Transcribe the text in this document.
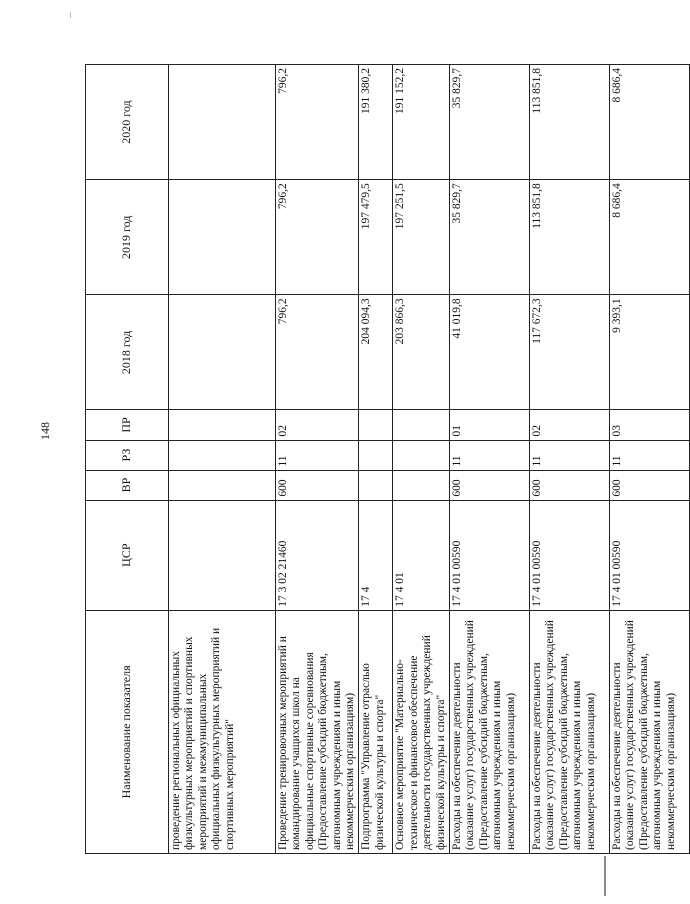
148
Наименование показателя	ЦСР	ВР	РЗ	ПР	2018 год	2019 год	2020 год
проведение региональных официальных физкультурных мероприятий и спортивных мероприятий и межмуниципальных официальных физкультурных мероприятий и спортивных мероприятий"							
Проведение тренировочных мероприятий и командирование учащихся школ на официальные спортивные соревнования (Предоставление субсидий бюджетным, автономным учреждениям и иным некоммерческим организациям)	17 3 02 21460	600	11	02	796,2	796,2	796,2
Подпрограмма "Управление отраслью физической культуры и спорта"	17 4				204 094,3	197 479,5	191 380,2
Основное мероприятие "Материально-техническое и финансовое обеспечение деятельности государственных учреждений физической культуры и спорта"	17 4 01				203 866,3	197 251,5	191 152,2
Расходы на обеспечение деятельности (оказание услуг) государственных учреждений (Предоставление субсидий бюджетным, автономным учреждениям и иным некоммерческим организациям)	17 4 01 00590	600	11	01	41 019,8	35 829,7	35 829,7
Расходы на обеспечение деятельности (оказание услуг) государственных учреждений (Предоставление субсидий бюджетным, автономным учреждениям и иным некоммерческим организациям)	17 4 01 00590	600	11	02	117 672,3	113 851,8	113 851,8
Расходы на обеспечение деятельности (оказание услуг) государственных учреждений (Предоставление субсидий бюджетным, автономным учреждениям и иным некоммерческим организациям)	17 4 01 00590	600	11	03	9 393,1	8 686,4	8 686,4
